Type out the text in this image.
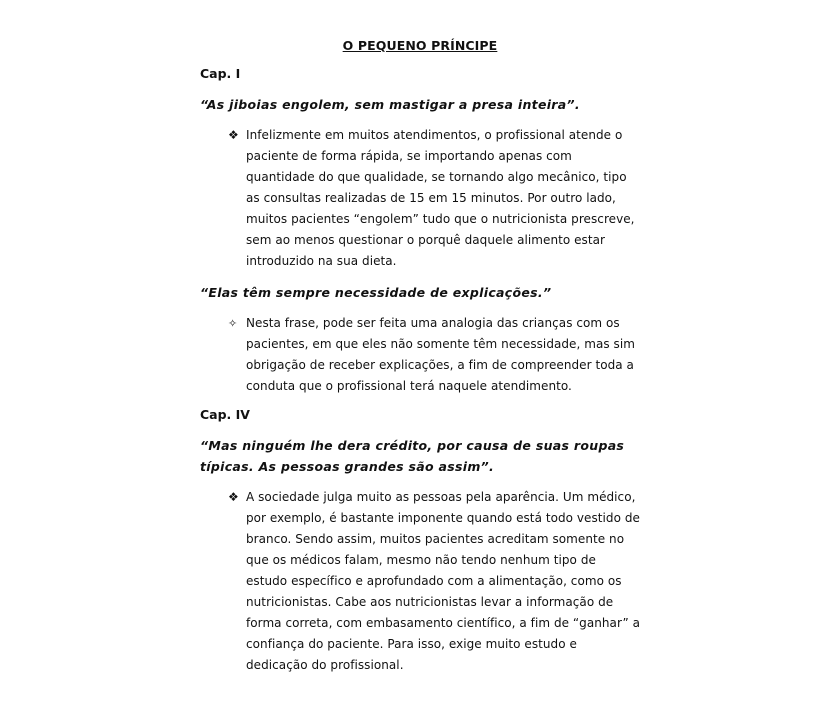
O PEQUENO PRÍNCIPE

Cap. I

“As jiboias engolem, sem mastigar a presa inteira”.

❖ Infelizmente em muitos atendimentos, o profissional atende o paciente de forma rápida, se importando apenas com quantidade do que qualidade, se tornando algo mecânico, tipo as consultas realizadas de 15 em 15 minutos. Por outro lado, muitos pacientes “engolem” tudo que o nutricionista prescreve, sem ao menos questionar o porquê daquele alimento estar introduzido na sua dieta.

“Elas têm sempre necessidade de explicações.”

✧ Nesta frase, pode ser feita uma analogia das crianças com os pacientes, em que eles não somente têm necessidade, mas sim obrigação de receber explicações, a fim de compreender toda a conduta que o profissional terá naquele atendimento.

Cap. IV

“Mas ninguém lhe dera crédito, por causa de suas roupas típicas. As pessoas grandes são assim”.

❖ A sociedade julga muito as pessoas pela aparência. Um médico, por exemplo, é bastante imponente quando está todo vestido de branco. Sendo assim, muitos pacientes acreditam somente no que os médicos falam, mesmo não tendo nenhum tipo de estudo específico e aprofundado com a alimentação, como os nutricionistas. Cabe aos nutricionistas levar a informação de forma correta, com embasamento científico, a fim de “ganhar” a confiança do paciente. Para isso, exige muito estudo e dedicação do profissional.
